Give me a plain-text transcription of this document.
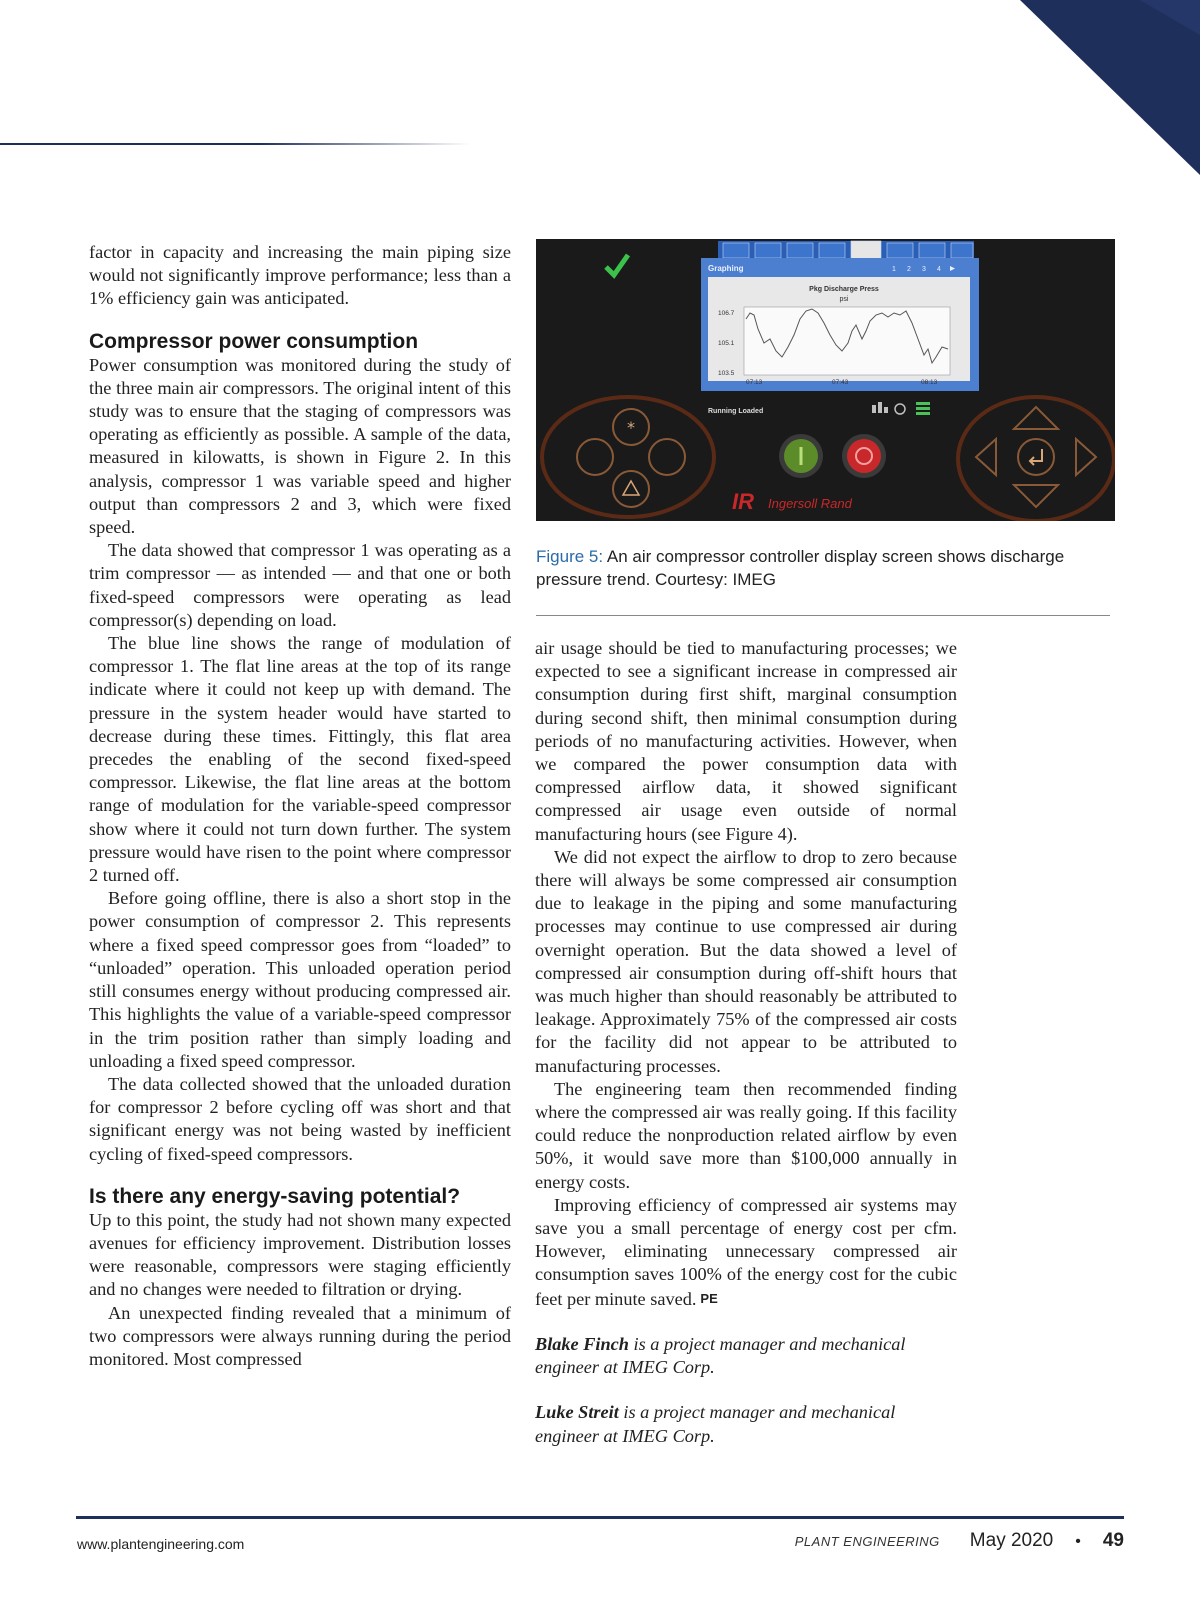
factor in capacity and increasing the main piping size would not significantly improve performance; less than a 1% efficiency gain was anticipated.

Compressor power consumption

Power consumption was monitored during the study of the three main air compressors. The original intent of this study was to ensure that the staging of compressors was operating as efficiently as possible. A sample of the data, measured in kilowatts, is shown in Figure 2. In this analysis, compressor 1 was variable speed and higher output than compressors 2 and 3, which were fixed speed.

The data showed that compressor 1 was operating as a trim compressor — as intended — and that one or both fixed-speed compressors were operating as lead compressor(s) depending on load.

The blue line shows the range of modulation of compressor 1. The flat line areas at the top of its range indicate where it could not keep up with demand. The pressure in the system header would have started to decrease during these times. Fittingly, this flat area precedes the enabling of the second fixed-speed compressor. Likewise, the flat line areas at the bottom range of modulation for the variable-speed compressor show where it could not turn down further. The system pressure would have risen to the point where compressor 2 turned off.

Before going offline, there is also a short stop in the power consumption of compressor 2. This represents where a fixed speed compressor goes from “loaded” to “unloaded” operation. This unloaded operation period still consumes energy without producing compressed air. This highlights the value of a variable-speed compressor in the trim position rather than simply loading and unloading a fixed speed compressor.

The data collected showed that the unloaded duration for compressor 2 before cycling off was short and that significant energy was not being wasted by inefficient cycling of fixed-speed compressors.

Is there any energy-saving potential?

Up to this point, the study had not shown many expected avenues for efficiency improvement. Distribution losses were reasonable, compressors were staging efficiently and no changes were needed to filtration or drying.

An unexpected finding revealed that a minimum of two compressors were always running during the period monitored. Most compressed

Graphing	1 2 3 4
Pkg Discharge Press
psi
106.7
105.1
103.5
07:13	07:43	08:13
Running Loaded
*
IR Ingersoll Rand
Figure 5: An air compressor controller display screen shows discharge pressure trend. Courtesy: IMEG

air usage should be tied to manufacturing processes; we expected to see a significant increase in compressed air consumption during first shift, marginal consumption during second shift, then minimal consumption during periods of no manufacturing activities. However, when we compared the power consumption data with compressed airflow data, it showed significant compressed air usage even outside of normal manufacturing hours (see Figure 4).

We did not expect the airflow to drop to zero because there will always be some compressed air consumption due to leakage in the piping and some manufacturing processes may continue to use compressed air during overnight operation. But the data showed a level of compressed air consumption during off-shift hours that was much higher than should reasonably be attributed to leakage. Approximately 75% of the compressed air costs for the facility did not appear to be attributed to manufacturing processes.

The engineering team then recommended finding where the compressed air was really going. If this facility could reduce the nonproduction related airflow by even 50%, it would save more than $100,000 annually in energy costs.

Improving efficiency of compressed air systems may save you a small percentage of energy cost per cfm. However, eliminating unnecessary compressed air consumption saves 100% of the energy cost for the cubic feet per minute saved. PE

Blake Finch is a project manager and mechanical engineer at IMEG Corp.

Luke Streit is a project manager and mechanical engineer at IMEG Corp.

www.plantengineering.com	PLANT ENGINEERING May 2020 • 49
